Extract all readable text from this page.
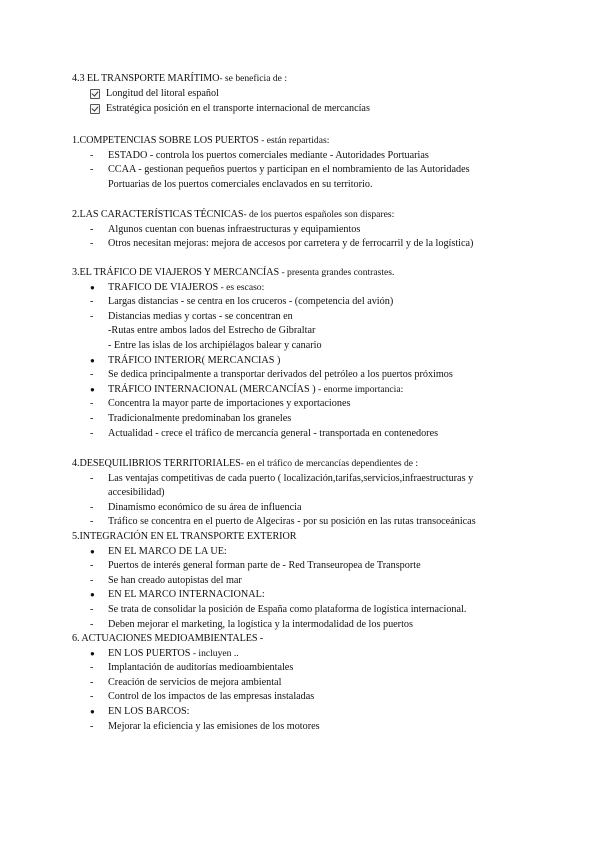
4.3 EL TRANSPORTE MARÍTIMO- se beneficia de :
Longitud del litoral español
Estratégica posición en el transporte internacional de mercancías
1.COMPETENCIAS SOBRE LOS PUERTOS - están repartidas:
-	ESTADO - controla los puertos comerciales mediante - Autoridades Portuarias
-	CCAA - gestionan pequeños puertos y participan en el nombramiento de las Autoridades Portuarias de los puertos comerciales enclavados en su territorio.
2.LAS CARACTERÍSTICAS TÉCNICAS- de los puertos españoles son dispares:
-	Algunos cuentan con buenas infraestructuras y equipamientos
-	Otros necesitan mejoras: mejora de accesos por carretera y de ferrocarril y de la logística)
3.EL TRÁFICO DE VIAJEROS Y MERCANCÍAS - presenta grandes contrastes.
●	TRAFICO DE VIAJEROS - es escaso:
-	Largas distancias - se centra en los cruceros - (competencia del avión)
-	Distancias medias y cortas - se concentran en
-Rutas entre ambos lados del Estrecho de Gibraltar
- Entre las islas de los archipiélagos balear y canario
●	TRÁFICO INTERIOR( MERCANCIAS )
-	Se dedica principalmente a transportar derivados del petróleo a los puertos próximos
●	TRÁFICO INTERNACIONAL (MERCANCÍAS ) - enorme importancia:
-	Concentra la mayor parte de importaciones y exportaciones
-	Tradicionalmente predominaban los graneles
-	Actualidad - crece el tráfico de mercancía general - transportada en contenedores
4.DESEQUILIBRIOS TERRITORIALES- en el tráfico de mercancías dependientes de :
-	Las ventajas competitivas de cada puerto ( localización,tarifas,servicios,infraestructuras y accesibilidad)
-	Dinamismo económico de su área de influencia
-	Tráfico se concentra en el puerto de Algeciras - por su posición en las rutas transoceánicas
5.INTEGRACIÓN EN EL TRANSPORTE EXTERIOR
●	EN EL MARCO DE LA UE:
-	Puertos de interés general forman parte de - Red Transeuropea de Transporte
-	Se han creado autopistas del mar
●	EN EL MARCO INTERNACIONAL:
-	Se trata de consolidar la posición de España como plataforma de logística internacional.
-	Deben mejorar el marketing, la logística y la intermodalidad de los puertos
6. ACTUACIONES MEDIOAMBIENTALES -
●	EN LOS PUERTOS - incluyen ..
-	Implantación de auditorías medioambientales
-	Creación de servicios de mejora ambiental
-	Control de los impactos de las empresas instaladas
●	EN LOS BARCOS:
-	Mejorar la eficiencia y las emisiones de los motores
